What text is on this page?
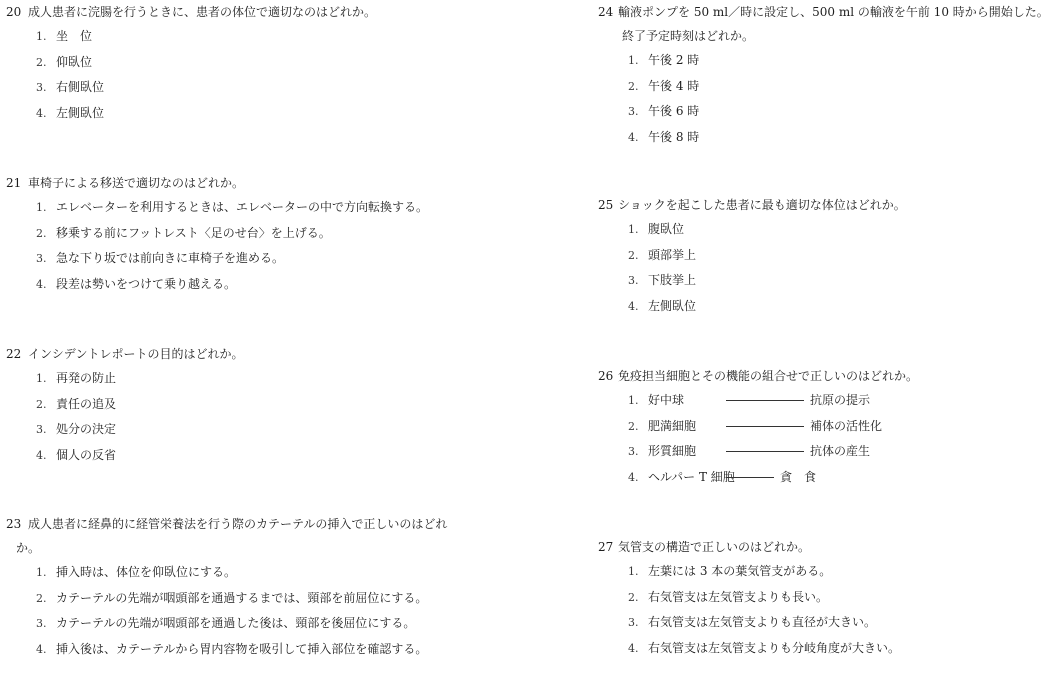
20 成人患者に浣腸を行うときに、患者の体位で適切なのはどれか。
1. 坐　位
2. 仰臥位
3. 右側臥位
4. 左側臥位
21 車椅子による移送で適切なのはどれか。
1. エレベーターを利用するときは、エレベーターの中で方向転換する。
2. 移乗する前にフットレスト〈足のせ台〉を上げる。
3. 急な下り坂では前向きに車椅子を進める。
4. 段差は勢いをつけて乗り越える。
22 インシデントレポートの目的はどれか。
1. 再発の防止
2. 責任の追及
3. 処分の決定
4. 個人の反省
23 成人患者に経鼻的に経管栄養法を行う際のカテーテルの挿入で正しいのはどれ
か。
1. 挿入時は、体位を仰臥位にする。
2. カテーテルの先端が咽頭部を通過するまでは、頸部を前屈位にする。
3. カテーテルの先端が咽頭部を通過した後は、頸部を後屈位にする。
4. 挿入後は、カテーテルから胃内容物を吸引して挿入部位を確認する。
24 輸液ポンプを 50 ml／時に設定し、500 ml の輸液を午前 10 時から開始した。
終了予定時刻はどれか。
1. 午後 2 時
2. 午後 4 時
3. 午後 6 時
4. 午後 8 時
25 ショックを起こした患者に最も適切な体位はどれか。
1. 腹臥位
2. 頭部挙上
3. 下肢挙上
4. 左側臥位
26 免疫担当細胞とその機能の組合せで正しいのはどれか。
1. 好中球	抗原の提示
2. 肥満細胞	補体の活性化
3. 形質細胞	抗体の産生
4. ヘルパー T 細胞	貪　食
27 気管支の構造で正しいのはどれか。
1. 左葉には 3 本の葉気管支がある。
2. 右気管支は左気管支よりも長い。
3. 右気管支は左気管支よりも直径が大きい。
4. 右気管支は左気管支よりも分岐角度が大きい。
